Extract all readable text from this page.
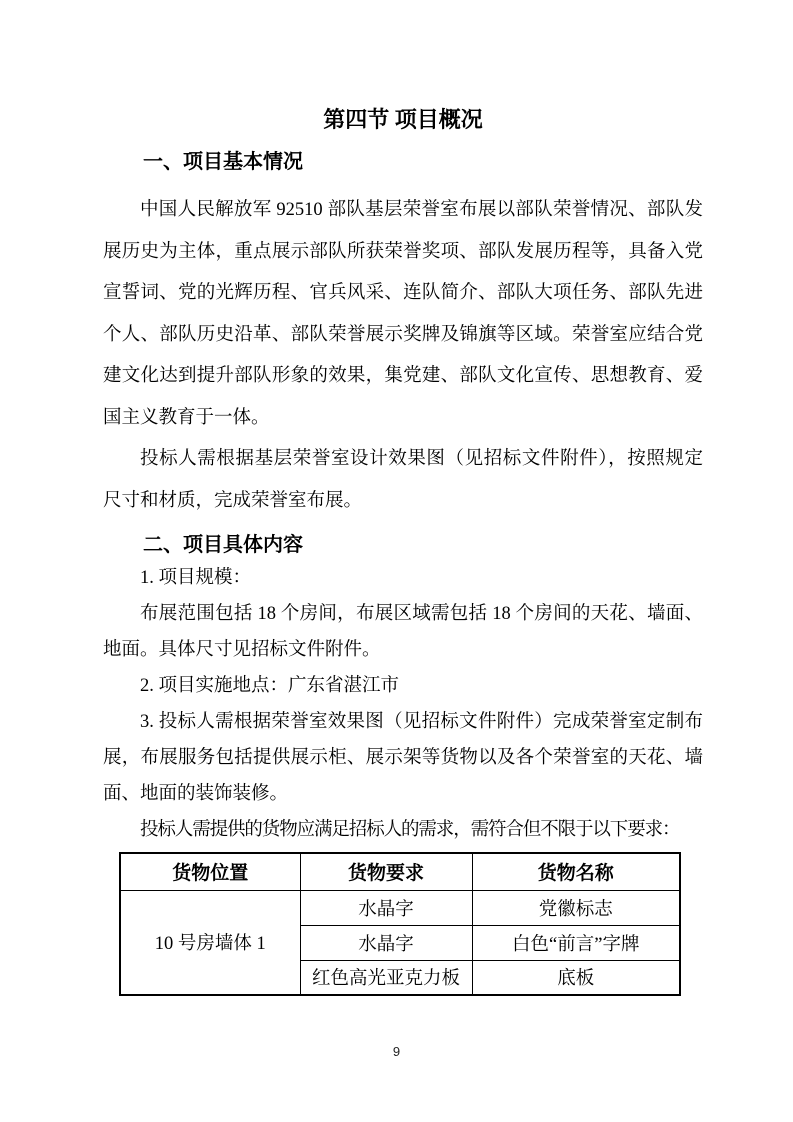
第四节 项目概况
一、项目基本情况
中国人民解放军 92510 部队基层荣誉室布展以部队荣誉情况、部队发展历史为主体，重点展示部队所获荣誉奖项、部队发展历程等，具备入党宣誓词、党的光辉历程、官兵风采、连队简介、部队大项任务、部队先进个人、部队历史沿革、部队荣誉展示奖牌及锦旗等区域。荣誉室应结合党建文化达到提升部队形象的效果，集党建、部队文化宣传、思想教育、爱国主义教育于一体。
投标人需根据基层荣誉室设计效果图（见招标文件附件），按照规定尺寸和材质，完成荣誉室布展。
二、项目具体内容
1. 项目规模：
布展范围包括 18 个房间，布展区域需包括 18 个房间的天花、墙面、地面。具体尺寸见招标文件附件。
2. 项目实施地点：广东省湛江市
3. 投标人需根据荣誉室效果图（见招标文件附件）完成荣誉室定制布展，布展服务包括提供展示柜、展示架等货物以及各个荣誉室的天花、墙面、地面的装饰装修。
投标人需提供的货物应满足招标人的需求，需符合但不限于以下要求：
货物位置	货物要求	货物名称
10 号房墙体 1	水晶字	党徽标志
	水晶字	白色“前言”字牌
	红色高光亚克力板	底板
9
